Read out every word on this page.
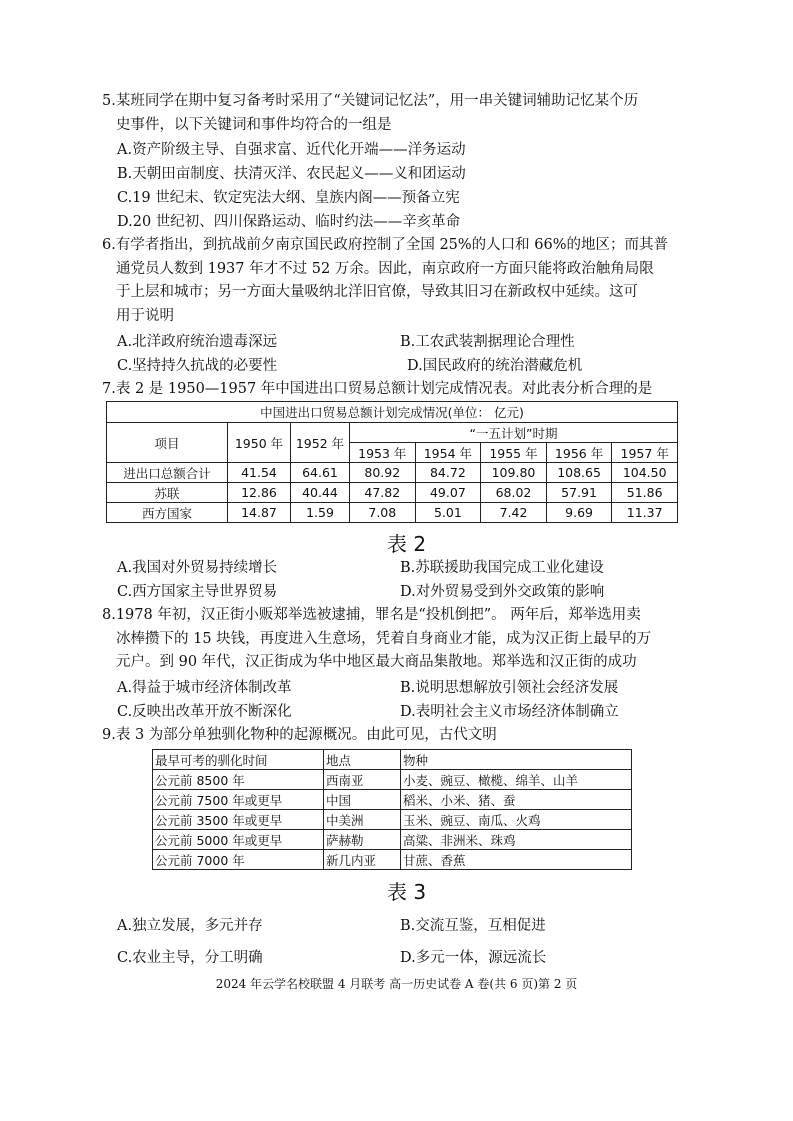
5.某班同学在期中复习备考时采用了“关键词记忆法”，用一串关键词辅助记忆某个历

史事件，以下关键词和事件均符合的一组是

A.资产阶级主导、自强求富、近代化开端——洋务运动
B.天朝田亩制度、扶清灭洋、农民起义——义和团运动
C.19 世纪末、钦定宪法大纲、皇族内阁——预备立宪
D.20 世纪初、四川保路运动、临时约法——辛亥革命

6.有学者指出，到抗战前夕南京国民政府控制了全国 25%的人口和 66%的地区；而其普

通党员人数到 1937 年才不过 52 万余。因此，南京政府一方面只能将政治触角局限

于上层和城市；另一方面大量吸纳北洋旧官僚，导致其旧习在新政权中延续。这可

用于说明

A.北洋政府统治遗毒深远	B.工农武装割据理论合理性
C.坚持持久抗战的必要性	D.国民政府的统治潜藏危机

7.表 2 是 1950—1957 年中国进出口贸易总额计划完成情况表。对此表分析合理的是

中国进出口贸易总额计划完成情况(单位： 亿元)							
项目	1950 年	1952 年	“一五计划”时期				
			1953 年	1954 年	1955 年	1956 年	1957 年
进出口总额合计	41.54	64.61	80.92	84.72	109.80	108.65	104.50
苏联	12.86	40.44	47.82	49.07	68.02	57.91	51.86
西方国家	14.87	1.59	7.08	5.01	7.42	9.69	11.37
表 2
A.我国对外贸易持续增长	B.苏联援助我国完成工业化建设
C.西方国家主导世界贸易	D.对外贸易受到外交政策的影响

8.1978 年初，汉正街小贩郑举选被逮捕，罪名是“投机倒把”。 两年后，郑举选用卖

冰棒攒下的 15 块钱，再度进入生意场，凭着自身商业才能，成为汉正街上最早的万

元户。到 90 年代，汉正街成为华中地区最大商品集散地。郑举选和汉正街的成功

A.得益于城市经济体制改革	B.说明思想解放引领社会经济发展
C.反映出改革开放不断深化	D.表明社会主义市场经济体制确立

9.表 3 为部分单独驯化物种的起源概况。由此可见，古代文明

最早可考的驯化时间	地点	物种
公元前 8500 年	西南亚	小麦、豌豆、橄榄、绵羊、山羊
公元前 7500 年或更早	中国	稻米、小米、猪、蚕
公元前 3500 年或更早	中美洲	玉米、豌豆、南瓜、火鸡
公元前 5000 年或更早	萨赫勒	高粱、非洲米、珠鸡
公元前 7000 年	新几内亚	甘蔗、香蕉
表 3
A.独立发展，多元并存	B.交流互鉴，互相促进
C.农业主导，分工明确	D.多元一体，源远流长
2024 年云学名校联盟 4 月联考 高一历史试卷 A 卷(共 6 页)第 2 页
